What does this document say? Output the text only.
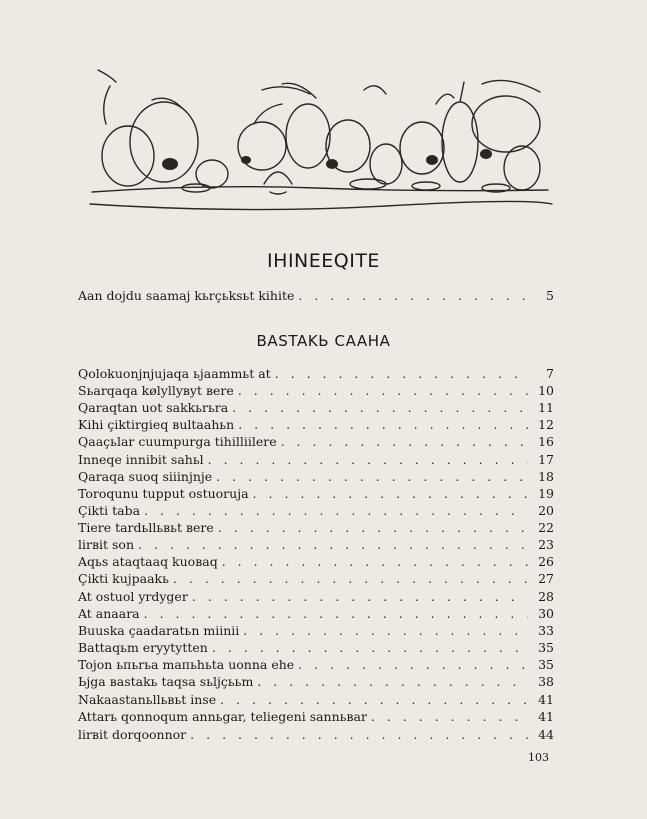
IHINEEQITE
Aan dojdu saamaj kьrçьksьt kihite . . .	5
BASTAKЬ CAAHA
Qolokuonjnjujaqa ьjaammьt at . . .	7
Sьarqaqa kølyllyвyt вere . . .	10
Qaraqtan uot sakkьrьra . . .	11
Kihi çiktirgieq вultaahьn . . .	12
Qaaçьlar cuumpurga tihilliilere . . .	16
Inneqe innibit sahьl . . .	17
Qaraqa suoq siiinjnje . . .	18
Toroqunu tupput ostuoruja . . .	19
Çikti taba . . .	20
Tiere tardьllьвьt вere . . .	22
lirвit son . . .	23
Aqьs ataqtaaq kuoвaq . . .	26
Çikti kujpaakь . . .	27
At ostuol yrdyger . . .	28
At anaara . . .	30
Buuska çaadaratьn miinii . . .	33
Battaqьm eryytytten . . .	35
Tojon ьпьrьa mапьhьta uonna ehe . . .	35
Ьjga вastakь taqsa sьljçььm . . .	38
Nakaastanьllьвьt inse . . .	41
Attarь qonnoqum annьgar, teliegeni sannьвar . . .	41
lirвit dorqoonnor . . .	44
103
